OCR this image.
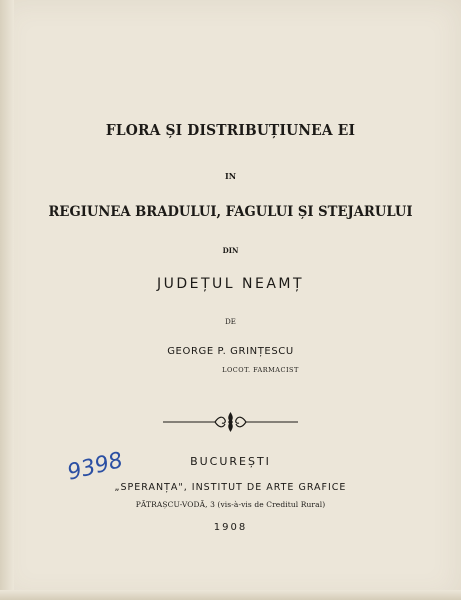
FLORA ȘI DISTRIBUȚIUNEA EI
IN
REGIUNEA BRADULUI, FAGULUI ȘI STEJARULUI
DIN
JUDEȚUL NEAMȚ
DE
GEORGE P. GRINȚESCU
LOCOT. FARMACIST
9398	BUCUREȘTI
„SPERANȚA", INSTITUT DE ARTE GRAFICE
PĂTRAȘCU-VODĂ, 3 (vis-à-vis de Creditul Rural)
1908
